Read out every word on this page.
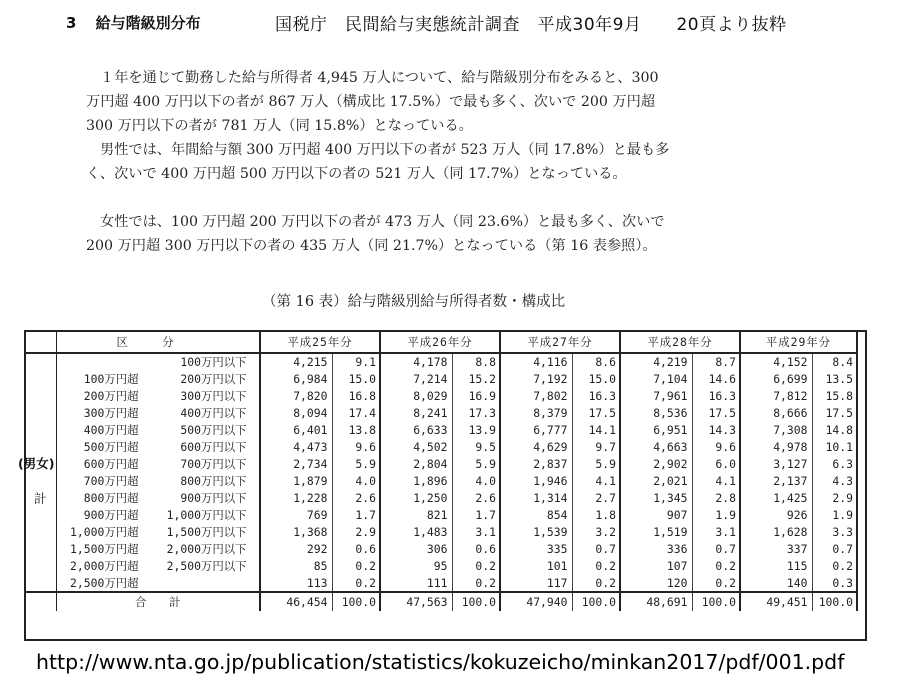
3 給与階級別分布	国税庁　民間給与実態統計調査　平成30年9月　　20頁より抜粋
１年を通じて勤務した給与所得者 4,945 万人について、給与階級別分布をみると、300
万円超 400 万円以下の者が 867 万人（構成比 17.5%）で最も多く、次いで 200 万円超
300 万円以下の者が 781 万人（同 15.8%）となっている。
男性では、年間給与額 300 万円超 400 万円以下の者が 523 万人（同 17.8%）と最も多
く、次いで 400 万円超 500 万円以下の者の 521 万人（同 17.7%）となっている。
女性では、100 万円超 200 万円以下の者が 473 万人（同 23.6%）と最も多く、次いで
200 万円超 300 万円以下の者の 435 万人（同 21.7%）となっている（第 16 表参照）。
（第 16 表）給与階級別給与所得者数・構成比
	区　　　分	平成25年分		平成26年分		平成27年分		平成28年分		平成29年分	
	100万円以下	4,215	9.1	4,178	8.8	4,116	8.6	4,219	8.7	4,152	8.4
	100万円超 200万円以下	6,984	15.0	7,214	15.2	7,192	15.0	7,104	14.6	6,699	13.5
	200万円超 300万円以下	7,820	16.8	8,029	16.9	7,802	16.3	7,961	16.3	7,812	15.8
	300万円超 400万円以下	8,094	17.4	8,241	17.3	8,379	17.5	8,536	17.5	8,666	17.5
	400万円超 500万円以下	6,401	13.8	6,633	13.9	6,777	14.1	6,951	14.3	7,308	14.8
	500万円超 600万円以下	4,473	9.6	4,502	9.5	4,629	9.7	4,663	9.6	4,978	10.1
	600万円超 700万円以下	2,734	5.9	2,804	5.9	2,837	5.9	2,902	6.0	3,127	6.3
	700万円超 800万円以下	1,879	4.0	1,896	4.0	1,946	4.1	2,021	4.1	2,137	4.3
	800万円超 900万円以下	1,228	2.6	1,250	2.6	1,314	2.7	1,345	2.8	1,425	2.9
	900万円超 1,000万円以下	769	1.7	821	1.7	854	1.8	907	1.9	926	1.9
	1,000万円超 1,500万円以下	1,368	2.9	1,483	3.1	1,539	3.2	1,519	3.1	1,628	3.3
	1,500万円超 2,000万円以下	292	0.6	306	0.6	335	0.7	336	0.7	337	0.7
	2,000万円超 2,500万円以下	85	0.2	95	0.2	101	0.2	107	0.2	115	0.2
	2,500万円超	113	0.2	111	0.2	117	0.2	120	0.2	140	0.3
	合　　計	46,454	100.0	47,563	100.0	47,940	100.0	48,691	100.0	49,451	100.0
(男女)
計
http://www.nta.go.jp/publication/statistics/kokuzeicho/minkan2017/pdf/001.pdf
